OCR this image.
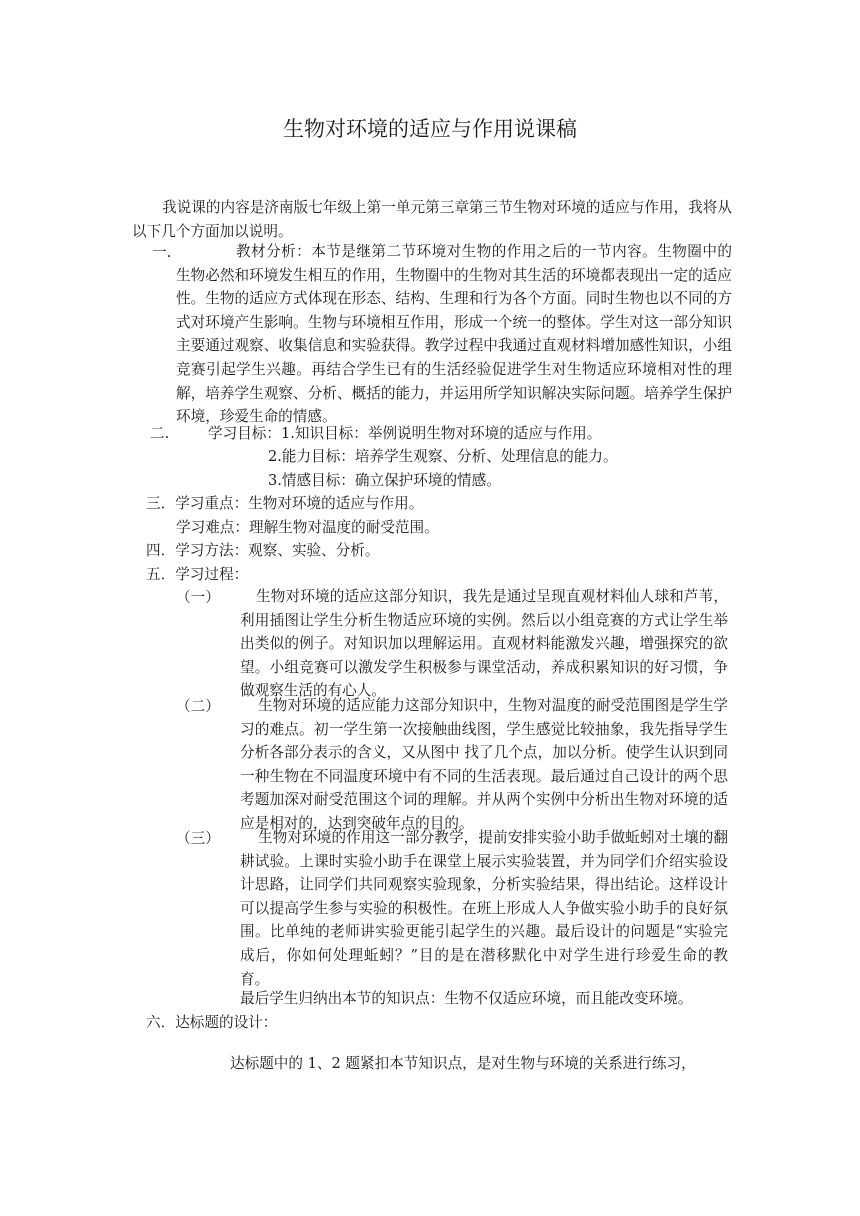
生物对环境的适应与作用说课稿
我说课的内容是济南版七年级上第一单元第三章第三节生物对环境的适应与作用，我将从以下几个方面加以说明。
一.	教材分析：本节是继第二节环境对生物的作用之后的一节内容。生物圈中的生物必然和环境发生相互的作用，生物圈中的生物对其生活的环境都表现出一定的适应性。生物的适应方式体现在形态、结构、生理和行为各个方面。同时生物也以不同的方式对环境产生影响。生物与环境相互作用，形成一个统一的整体。学生对这一部分知识主要通过观察、收集信息和实验获得。教学过程中我通过直观材料增加感性知识，小组竞赛引起学生兴趣。再结合学生已有的生活经验促进学生对生物适应环境相对性的理解，培养学生观察、分析、概括的能力，并运用所学知识解决实际问题。培养学生保护环境，珍爱生命的情感。
二.	学习目标：1.知识目标：举例说明生物对环境的适应与作用。
2.能力目标：培养学生观察、分析、处理信息的能力。
3.情感目标：确立保护环境的情感。
三．学习重点：生物对环境的适应与作用。
学习难点：理解生物对温度的耐受范围。
四．学习方法：观察、实验、分析。
五．学习过程：
（一）	生物对环境的适应这部分知识，我先是通过呈现直观材料仙人球和芦苇，利用插图让学生分析生物适应环境的实例。然后以小组竞赛的方式让学生举出类似的例子。对知识加以理解运用。直观材料能激发兴趣，增强探究的欲望。小组竞赛可以激发学生积极参与课堂活动，养成积累知识的好习惯，争做观察生活的有心人。
（二）	生物对环境的适应能力这部分知识中，生物对温度的耐受范围图是学生学习的难点。初一学生第一次接触曲线图，学生感觉比较抽象，我先指导学生分析各部分表示的含义，又从图中 找了几个点，加以分析。使学生认识到同一种生物在不同温度环境中有不同的生活表现。最后通过自己设计的两个思考题加深对耐受范围这个词的理解。并从两个实例中分析出生物对环境的适应是相对的，达到突破年点的目的。
（三）	生物对环境的作用这一部分教学，提前安排实验小助手做蚯蚓对土壤的翻耕试验。上课时实验小助手在课堂上展示实验装置，并为同学们介绍实验设计思路，让同学们共同观察实验现象，分析实验结果，得出结论。这样设计可以提高学生参与实验的积极性。在班上形成人人争做实验小助手的良好氛围。比单纯的老师讲实验更能引起学生的兴趣。最后设计的问题是“实验完成后，你如何处理蚯蚓？”目的是在潜移默化中对学生进行珍爱生命的教育。
最后学生归纳出本节的知识点：生物不仅适应环境，而且能改变环境。
六．达标题的设计：
达标题中的 1、2 题紧扣本节知识点，是对生物与环境的关系进行练习，
